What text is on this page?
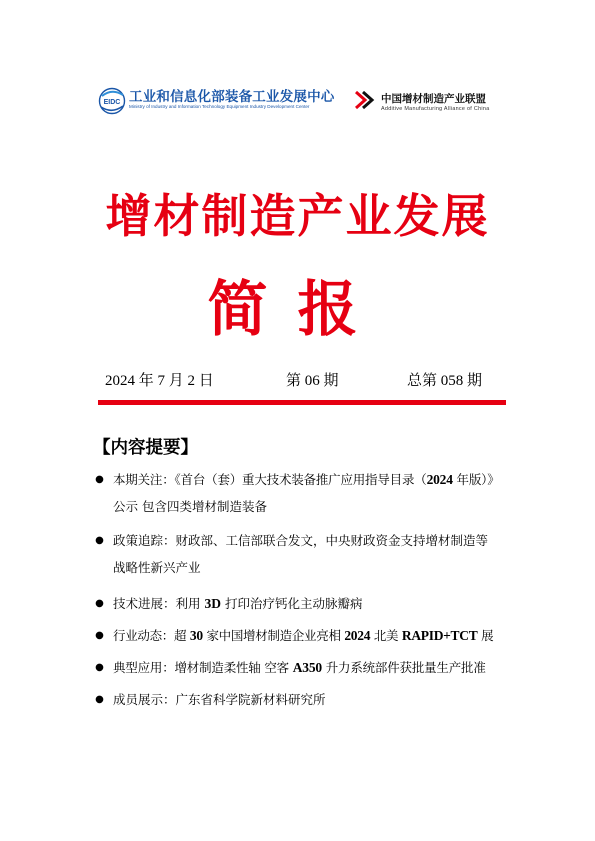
EIDC 工业和信息化部装备工业发展中心
Ministry of Industry and Information Technology Equipment Industry Development Center
中国增材制造产业联盟
Additive Manufacturing Alliance of China
增材制造产业发展
简报
2024 年 7 月 2 日	第 06 期	总第 058 期
【内容提要】
● 本期关注：《首台（套）重大技术装备推广应用指导目录（2024 年版）》
公示 包含四类增材制造装备
● 政策追踪：财政部、工信部联合发文，中央财政资金支持增材制造等
战略性新兴产业
● 技术进展：利用 3D 打印治疗钙化主动脉瓣病
● 行业动态：超 30 家中国增材制造企业亮相 2024 北美 RAPID+TCT 展
● 典型应用：增材制造柔性轴 空客 A350 升力系统部件获批量生产批准
● 成员展示：广东省科学院新材料研究所
